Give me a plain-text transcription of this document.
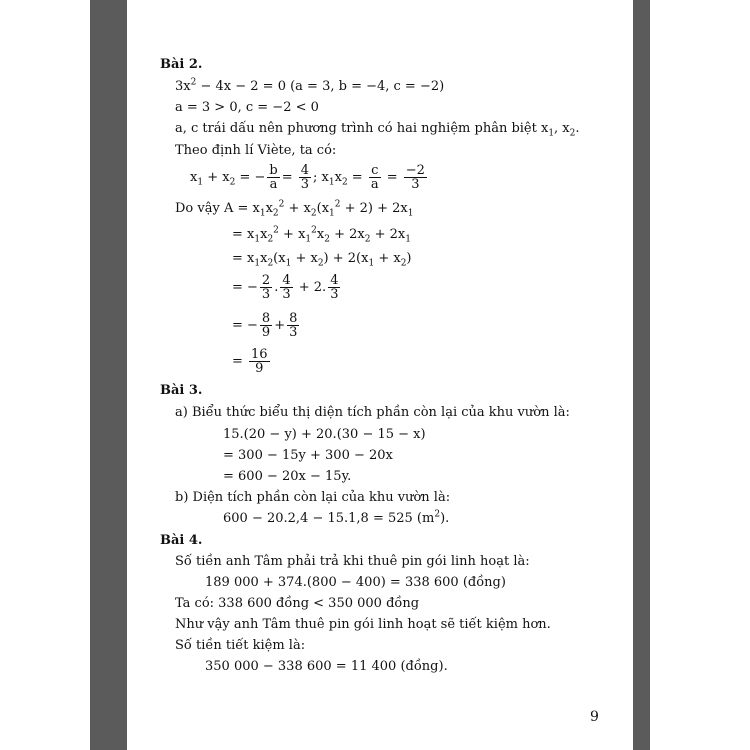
Bài 2.
$3x^2 - 4x - 2 = 0$ (a = 3, b = −4, c = −2)
a = 3 > 0, c = −2 < 0
a, c trái dấu nên phương trình có hai nghiệm phân biệt $x_1$, $x_2$.
Theo định lí Viète, ta có:
$x_1 + x_2$ = − $\frac{b}{a} = \frac{4}{3}$ ; $x_1x_2 = \frac{c}{a} = \frac{-2}{3}$
Do vậy $A = x_1x_2^2 + x_2(x_1^2 + 2) + 2x_1$
= $x_1x_2^2 + x_1^2x_2 + 2x_2 + 2x_1$
= $x_1x_2(x_1 + x_2) + 2(x_1 + x_2)$
= − $\frac{2}{3}$ . $\frac{4}{3} + 2$. $\frac{4}{3}$
= − $\frac{8}{9} + \frac{8}{3}$
= $\frac{16}{9}$
Bài 3.
a) Biểu thức biểu thị diện tích phần còn lại của khu vườn là:
15.(20 − y) + 20.(30 − 15 − x)
= 300 − 15y + 300 − 20x
= 600 − 20x − 15y.
b) Diện tích phần còn lại của khu vườn là:
600 − 20.2,4 − 15.1,8 = 525 $(m^2)$.
Bài 4.
Số tiền anh Tâm phải trả khi thuê pin gói linh hoạt là:
189 000 + 374.(800 − 400) = 338 600 (đồng)
Ta có: 338 600 đồng < 350 000 đồng
Như vậy anh Tâm thuê pin gói linh hoạt sẽ tiết kiệm hơn.
Số tiền tiết kiệm là:
350 000 − 338 600 = 11 400 (đồng).
9
